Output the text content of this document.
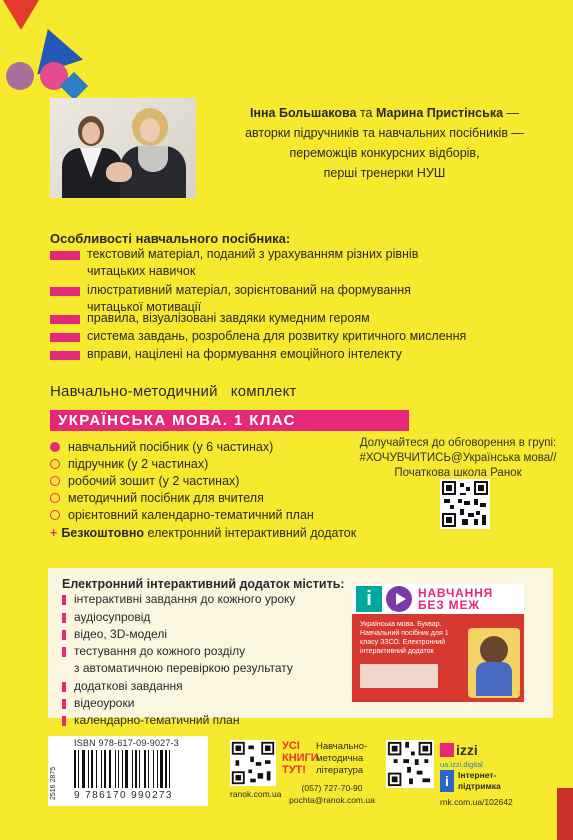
Інна Большакова та Марина Пристінська —
авторки підручників та навчальних посібників —
переможців конкурсних відборів,
перші тренерки НУШ
Особливості навчального посібника:
текстовий матеріал, поданий з урахуванням різних рівнів читацьких навичок
ілюстративний матеріал, зорієнтований на формування читацької мотивації
правила, візуалізовані завдяки кумедним героям
система завдань, розроблена для розвитку критичного мислення
вправи, націлені на формування емоційного інтелекту
Навчально-методичний   комплект
УКРАЇНСЬКА МОВА. 1 КЛАС
навчальний посібник (у 6 частинах)
підручник (у 2 частинах)
робочий зошит (у 2 частинах)
методичний посібник для вчителя
орієнтовний календарно-тематичний план
+ Безкоштовно електронний інтерактивний додаток
Долучайтеся до обговорення в групі:
#ХОЧУВЧИТИСЬ@Українська мова//
Початкова школа Ранок
Електронний інтерактивний додаток містить:
інтерактивні завдання до кожного уроку
аудіосупровід
відео, 3D-моделі
тестування до кожного розділу
з автоматичною перевіркою результату
додаткові завдання
відеоуроки
календарно-тематичний план
i	НАВЧАННЯ
БЕЗ МЕЖ
Українська мова. Буквар. Навчальний посібник для 1 класу ЗЗСО. Електронний інтерактивний додаток
2516 2875
ISBN 978-617-09-9027-3
9 786170 990273
УСІ КНИГИ ТУТ!
Навчально-методична література
ranok.com.ua
(057) 727-70-90
pochta@ranok.com.ua
izzi
ua.izzi.digital
i	Інтернет-підтримка
rnk.com.ua/102642
